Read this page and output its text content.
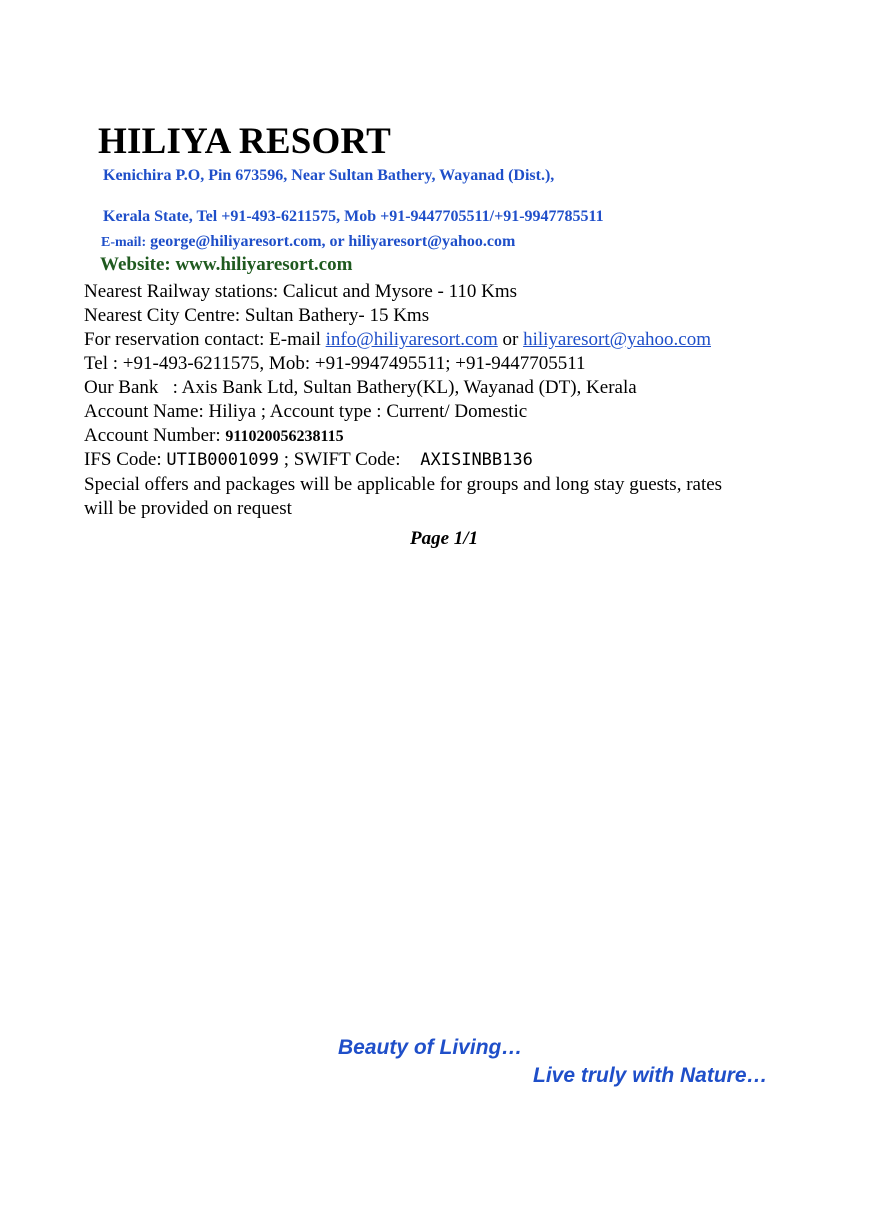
HILIYA RESORT
Kenichira P.O, Pin 673596, Near Sultan Bathery, Wayanad (Dist.),
Kerala State, Tel +91-493-6211575, Mob +91-9447705511/+91-9947785511
E-mail: george@hiliyaresort.com, or hiliyaresort@yahoo.com
Website: www.hiliyaresort.com
Nearest Railway stations: Calicut and Mysore - 110 Kms
Nearest City Centre: Sultan Bathery- 15 Kms
For reservation contact: E-mail info@hiliyaresort.com or hiliyaresort@yahoo.com
Tel : +91-493-6211575, Mob: +91-9947495511; +91-9447705511
Our Bank   : Axis Bank Ltd, Sultan Bathery(KL), Wayanad (DT), Kerala
Account Name: Hiliya ; Account type : Current/ Domestic
Account Number: 911020056238115
IFS Code: UTIB0001099 ; SWIFT Code:   AXISINBB136
Special offers and packages will be applicable for groups and long stay guests, rates
will be provided on request
Page 1/1
Beauty of Living…
Live truly with Nature…
